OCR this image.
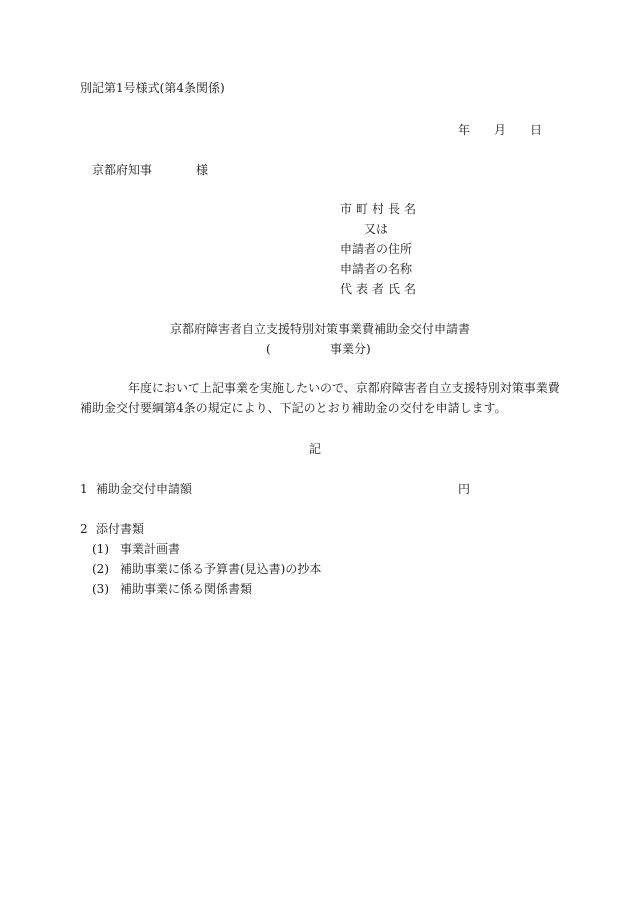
別記第1号様式(第4条関係)
年 月 日
京都府知事	様
市町村長名
又は
申請者の住所
申請者の名称
代表者氏名
京都府障害者自立支援特別対策事業費補助金交付申請書
(	事業分)
年度において上記事業を実施したいので、京都府障害者自立支援特別対策事業費
補助金交付要綱第4条の規定により、下記のとおり補助金の交付を申請します。
記
1 補助金交付申請額	円
2 添付書類
(1) 事業計画書
(2) 補助事業に係る予算書(見込書)の抄本
(3) 補助事業に係る関係書類
